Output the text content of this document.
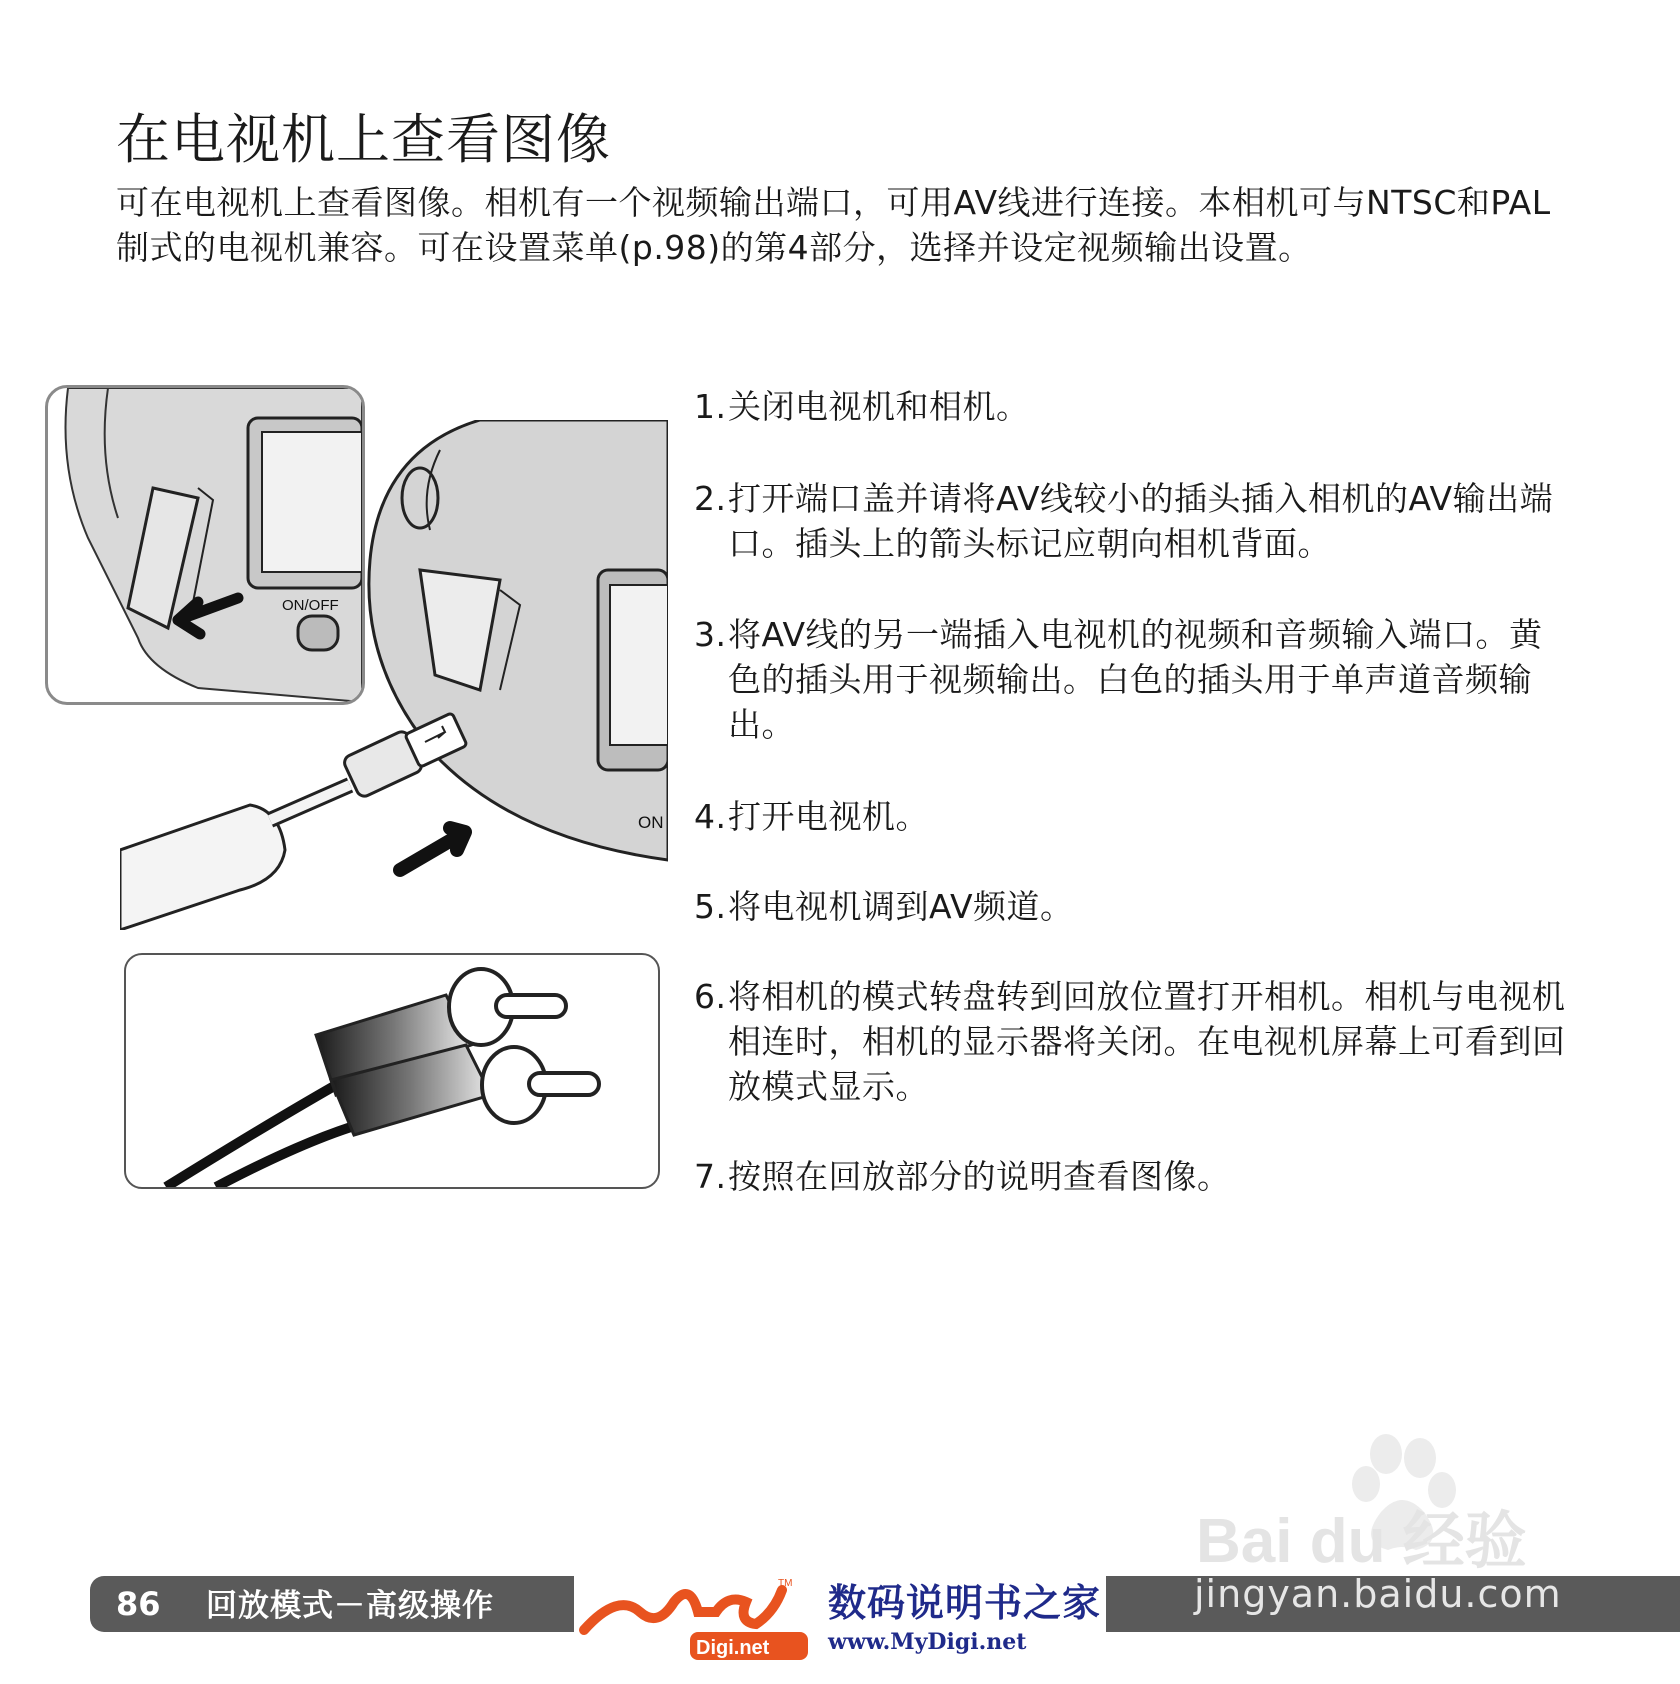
在电视机上查看图像
可在电视机上查看图像。相机有一个视频输出端口，可用AV线进行连接。本相机可与NTSC和PAL制式的电视机兼容。可在设置菜单(p.98)的第4部分，选择并设定视频输出设置。
ON/OFF
ON
1. 关闭电视机和相机。
2. 打开端口盖并请将AV线较小的插头插入相机的AV输出端口。插头上的箭头标记应朝向相机背面。
3. 将AV线的另一端插入电视机的视频和音频输入端口。黄色的插头用于视频输出。白色的插头用于单声道音频输出。
4. 打开电视机。
5. 将电视机调到AV频道。
6. 将相机的模式转盘转到回放位置打开相机。相机与电视机相连时，相机的显示器将关闭。在电视机屏幕上可看到回放模式显示。
7. 按照在回放部分的说明查看图像。
Bai du 经验
86 回放模式－高级操作	jingyan.baidu.com
TM
Digi.net
数码说明书之家
www.MyDigi.net
